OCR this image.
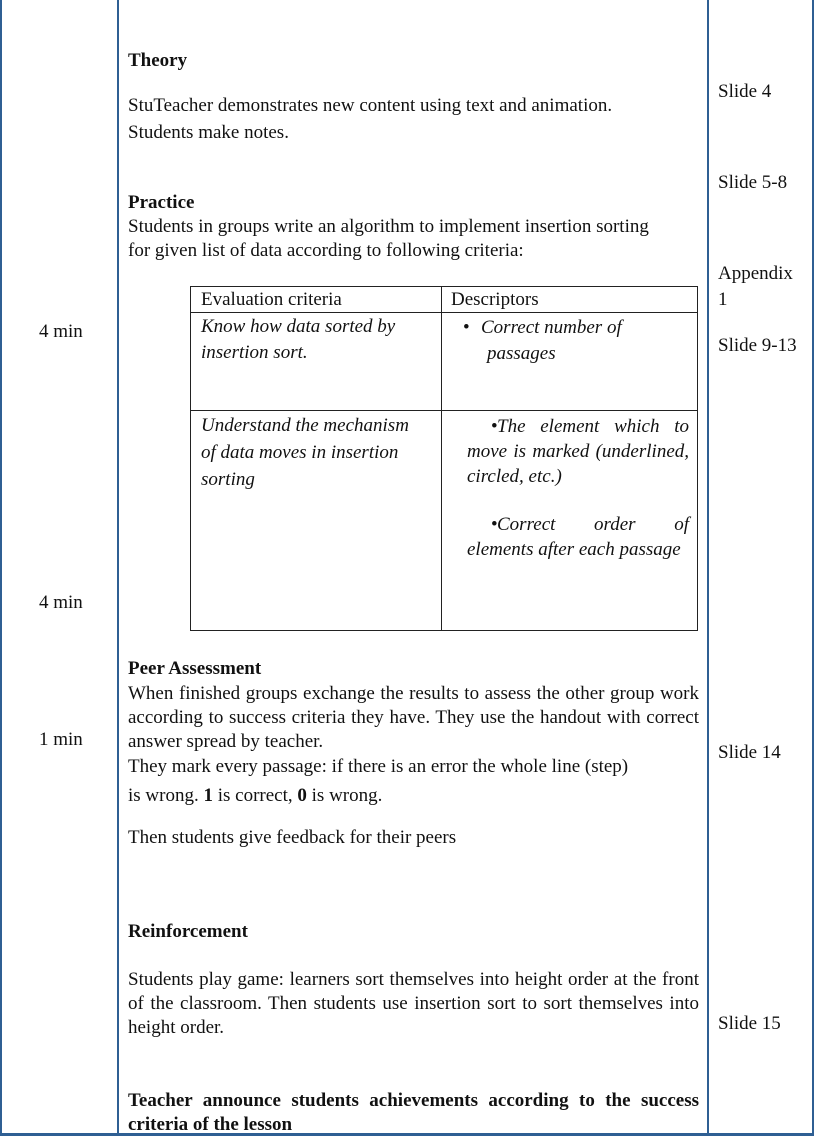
4 min
4 min
1 min
Theory
StuTeacher demonstrates new content using text and animation.
Students make notes.
Practice
Students in groups write an algorithm to implement insertion sorting
for given list of data according to following criteria:
Evaluation criteria	Descriptors
Know how data sorted by
insertion sort.
• Correct number of
passages
Understand the mechanism
of data moves in insertion
sorting
•The element which to move is marked (underlined, circled, etc.)
•Correct order of elements after each passage
Peer Assessment
When finished groups exchange the results to assess the other group work according to success criteria they have. They use the handout with correct answer spread by teacher.
They mark every passage: if there is an error the whole line (step)
is wrong. 1 is correct, 0 is wrong.
Then students give feedback for their peers
Reinforcement
Students play game: learners sort themselves into height order at the front of the classroom. Then students use insertion sort to sort themselves into height order.
Teacher announce students achievements according to the success criteria of the lesson
Slide 4
Slide 5-8
Appendix
1
Slide 9-13
Slide 14
Slide 15
